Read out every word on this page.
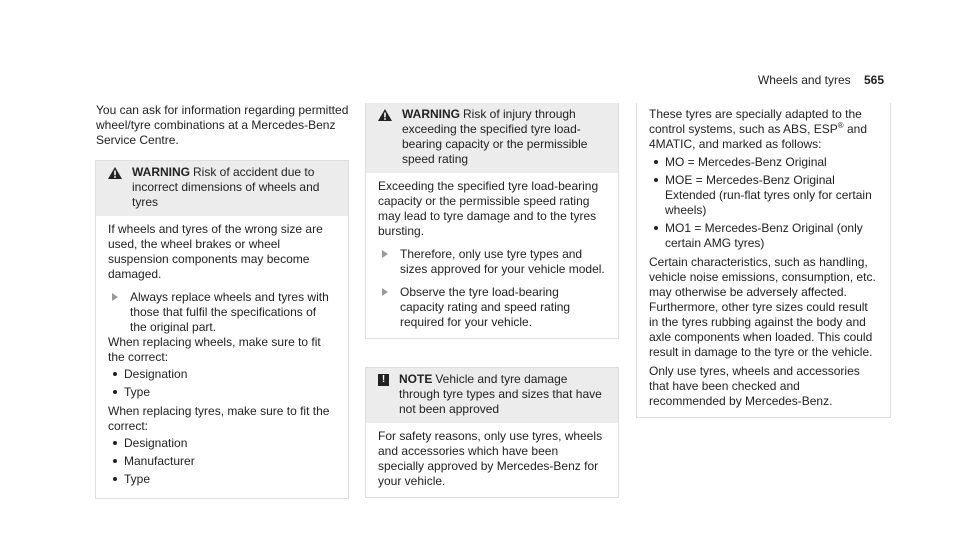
Wheels and tyres 565

You can ask for information regarding permitted wheel/tyre combinations at a Mercedes-Benz Service Centre.

WARNING Risk of accident due to incorrect dimensions of wheels and tyres

If wheels and tyres of the wrong size are used, the wheel brakes or wheel suspension components may become damaged.

Always replace wheels and tyres with those that fulfil the specifications of the original part.

When replacing wheels, make sure to fit the correct:

Designation
Type

When replacing tyres, make sure to fit the correct:

Designation
Manufacturer
Type
WARNING Risk of injury through exceeding the specified tyre load-bearing capacity or the permissible speed rating

Exceeding the specified tyre load-bearing capacity or the permissible speed rating may lead to tyre damage and to the tyres bursting.

Therefore, only use tyre types and sizes approved for your vehicle model.

Observe the tyre load-bearing capacity rating and speed rating required for your vehicle.

!	NOTE Vehicle and tyre damage through tyre types and sizes that have not been approved

For safety reasons, only use tyres, wheels and accessories which have been specially approved by Mercedes-Benz for your vehicle.

These tyres are specially adapted to the control systems, such as ABS, ESP® and 4MATIC, and marked as follows:

MO = Mercedes-Benz Original
MOE = Mercedes-Benz Original Extended (run-flat tyres only for certain wheels)
MO1 = Mercedes-Benz Original (only certain AMG tyres)

Certain characteristics, such as handling, vehicle noise emissions, consumption, etc. may otherwise be adversely affected. Furthermore, other tyre sizes could result in the tyres rubbing against the body and axle components when loaded. This could result in damage to the tyre or the vehicle.

Only use tyres, wheels and accessories that have been checked and recommended by Mercedes-Benz.
